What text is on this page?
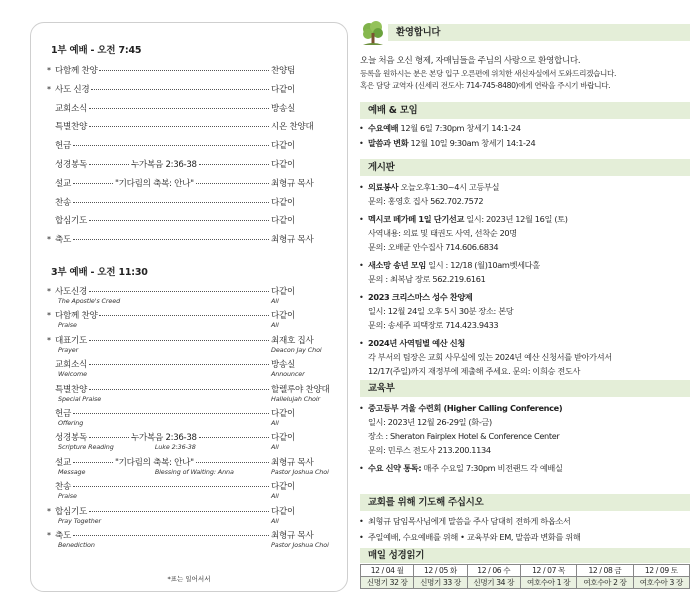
1부 예배 - 오전 7:45
* 다함께 찬양	찬양팀
* 사도 신경	다같이
교회소식	방송실
특별찬양	시온 찬양대
헌금	다같이
성경봉독	누가복음 2:36-38	다같이
설교	"기다림의 축복: 안나"	최형규 목사
찬송	다같이
합심기도	다같이
* 축도	최형규 목사
3부 예배 - 오전 11:30
* 사도신경	다같이
The Apostle's Creed	All
* 다함께 찬양	다같이
Praise	All
* 대표기도	최재호 집사
Prayer	Deacon Jay Choi
교회소식	방송실
Welcome	Announcer
특별찬양	할렐루야 찬양대
Special Praise	Hallelujah Choir
헌금	다같이
Offering	All
성경봉독	누가복음 2:36-38	다같이
Scripture Reading	Luke 2:36-38	All
설교	"기다림의 축복: 안나"	최형규 목사
Message	Blessing of Waiting: Anna	Pastor Joshua Choi
찬송	다같이
Praise	All
* 합심기도	다같이
Pray Together	All
* 축도	최형규 목사
Benediction	Pastor Joshua Choi
*표는 일어서서
환영합니다
오늘 처음 오신 형제, 자매님들을 주님의 사랑으로 환영합니다.
등록을 원하시는 분은 본당 입구 오른편에 위치한 새신자실에서 도와드리겠습니다.
혹은 담당 교역자 (신세리 전도사: 714-745-8480)에게 연락을 주시기 바랍니다.
예배 & 모임
• 수요예배 12월 6일 7:30pm 창세기 14:1-24
• 말씀과 변화 12월 10일 9:30am 창세기 14:1-24
게시판
• 의료봉사 오늘오후1:30~4시 고등부실
문의: 홍영호 집사 562.702.7572
• 멕시코 떼가떼 1일 단기선교 일시: 2023년 12월 16일 (토)
사역내용: 의료 및 태권도 사역, 선착순 20명
문의: 오배균 안수집사 714.606.6834
• 새소망 송년 모임 일시 : 12/18 (월)10am벳세다홀
문의 : 최복남 장로 562.219.6161
• 2023 크리스마스 성수 찬양제
일시: 12월 24일 오후 5시 30분 장소: 본당
문의: 송세주 피택장로 714.423.9433
• 2024년 사역팀별 예산 신청
각 부서의 팀장은 교회 사무실에 있는 2024년 예산 신청서를 받아가셔서
12/17(주일)까지 재정부에 제출해 주세요. 문의: 이희승 전도사
교육부
• 중고등부 겨울 수련회 (Higher Calling Conference)
일시: 2023년 12월 26-29일 (화-금)
장소 : Sheraton Fairplex Hotel & Conference Center
문의: 민루스 전도사 213.200.1134
• 수요 신약 통독: 매주 수요일 7:30pm 비전랜드 각 예배실
교회를 위해 기도해 주십시오
• 최형규 담임목사님에게 말씀을 주사 담대히 전하게 하옵소서
• 주일예배, 수요예배를 위해 • 교육부와 EM, 말씀과 변화를 위해
매일 성경읽기
12 / 04 월	12 / 05 화	12 / 06 수	12 / 07 목	12 / 08 금	12 / 09 토
신명기 32 장	신명기 33 장	신명기 34 장	여호수아 1 장	여호수아 2 장	여호수아 3 장
